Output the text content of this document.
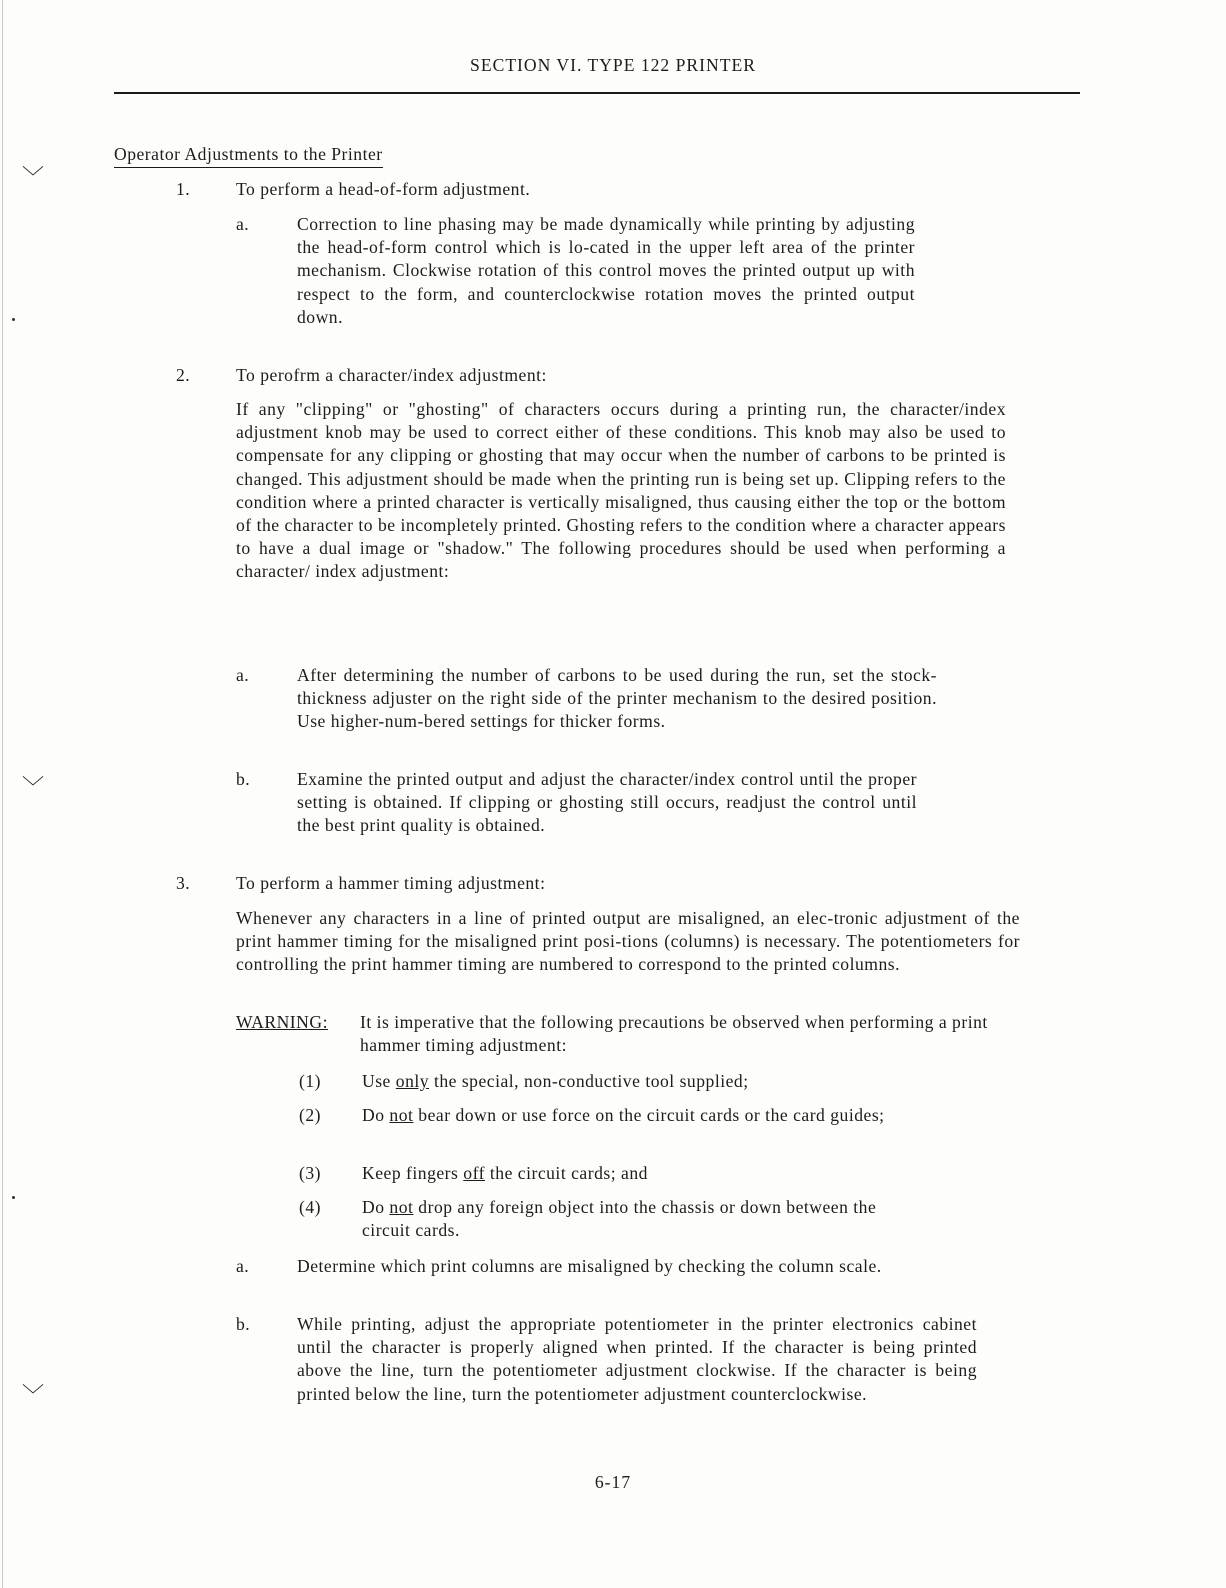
﹀
﹀
﹀
SECTION VI. TYPE 122 PRINTER
Operator Adjustments to the Printer
1.	To perform a head-of-form adjustment.
a.	Correction to line phasing may be made dynamically while printing by adjusting the head-of-form control which is lo-cated in the upper left area of the printer mechanism. Clockwise rotation of this control moves the printed output up with respect to the form, and counterclockwise rotation moves the printed output down.
2.	To perofrm a character/index adjustment:
If any "clipping" or "ghosting" of characters occurs during a printing run, the character/index adjustment knob may be used to correct either of these conditions. This knob may also be used to compensate for any clipping or ghosting that may occur when the number of carbons to be printed is changed. This adjustment should be made when the printing run is being set up. Clipping refers to the condition where a printed character is vertically misaligned, thus causing either the top or the bottom of the character to be incompletely printed. Ghosting refers to the condition where a character appears to have a dual image or "shadow." The following procedures should be used when performing a character/ index adjustment:
a.	After determining the number of carbons to be used during the run, set the stock-thickness adjuster on the right side of the printer mechanism to the desired position. Use higher-num-bered settings for thicker forms.
b.	Examine the printed output and adjust the character/index control until the proper setting is obtained. If clipping or ghosting still occurs, readjust the control until the best print quality is obtained.
3.	To perform a hammer timing adjustment:
Whenever any characters in a line of printed output are misaligned, an elec-tronic adjustment of the print hammer timing for the misaligned print posi-tions (columns) is necessary. The potentiometers for controlling the print hammer timing are numbered to correspond to the printed columns.
WARNING: It is imperative that the following precautions be observed when performing a print hammer timing adjustment:
(1) Use only the special, non-conductive tool supplied;
(2) Do not bear down or use force on the circuit cards or the card guides;
(3) Keep fingers off the circuit cards; and
(4) Do not drop any foreign object into the chassis or down between the circuit cards.
a.	Determine which print columns are misaligned by checking the column scale.
b.	While printing, adjust the appropriate potentiometer in the printer electronics cabinet until the character is properly aligned when printed. If the character is being printed above the line, turn the potentiometer adjustment clockwise. If the character is being printed below the line, turn the potentiometer adjustment counterclockwise.
6-17
